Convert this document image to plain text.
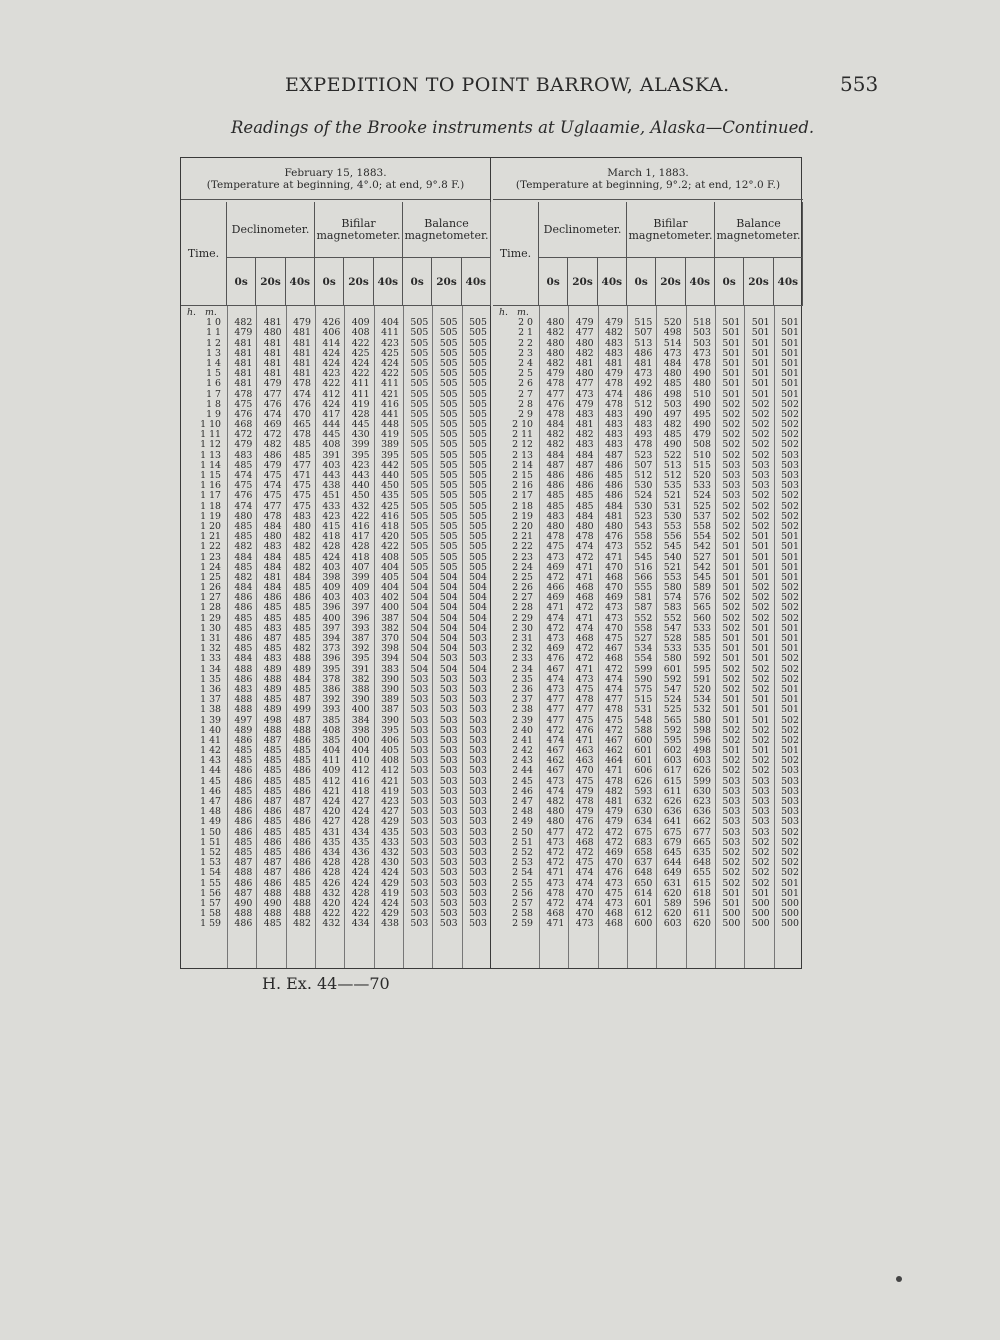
EXPEDITION TO POINT BARROW, ALASKA.	553
Readings of the Brooke instruments at Uglaamie, Alaska—Continued.
February 15, 1883.
(Temperature at beginning, 4°.0; at end, 9°.8 F.)
Time.
Declinometer.
0s	20s 40s
Bifilar magnetometer.
0s	20s 40s
Balance magnetometer.
0s	20s 40s
h. m.
1 0	482	481	479	426	409	404	505	505	505
1 1	479	480	481	406	408	411	505	505	505
1 2	481	481	481	414	422	423	505	505	505
1 3	481	481	481	424	425	425	505	505	505
1 4	481	481	481	424	424	424	505	505	505
1 5	481	481	481	423	422	422	505	505	505
1 6	481	479	478	422	411	411	505	505	505
1 7	478	477	474	412	411	421	505	505	505
1 8	475	476	476	424	419	416	505	505	505
1 9	476	474	470	417	428	441	505	505	505
1 10	468	469	465	444	445	448	505	505	505
1 11	472	472	478	445	430	419	505	505	505
1 12	479	482	485	408	399	389	505	505	505
1 13	483	486	485	391	395	395	505	505	505
1 14	485	479	477	403	423	442	505	505	505
1 15	474	475	471	443	443	440	505	505	505
1 16	475	474	475	438	440	450	505	505	505
1 17	476	475	475	451	450	435	505	505	505
1 18	474	477	475	433	432	425	505	505	505
1 19	480	478	483	423	422	416	505	505	505
1 20	485	484	480	415	416	418	505	505	505
1 21	485	480	482	418	417	420	505	505	505
1 22	482	483	482	428	428	422	505	505	505
1 23	484	484	485	424	418	408	505	505	505
1 24	485	484	482	403	407	404	505	505	505
1 25	482	481	484	398	399	405	504	504	504
1 26	484	484	485	409	409	404	504	504	504
1 27	486	486	486	403	403	402	504	504	504
1 28	486	485	485	396	397	400	504	504	504
1 29	485	485	485	400	396	387	504	504	504
1 30	485	483	485	397	393	382	504	504	504
1 31	486	487	485	394	387	370	504	504	503
1 32	485	485	482	373	392	398	504	504	503
1 33	484	483	488	396	395	394	504	503	503
1 34	488	489	489	395	391	383	504	504	504
1 35	486	488	484	378	382	390	503	503	503
1 36	483	489	485	386	388	390	503	503	503
1 37	488	485	487	392	390	389	503	503	503
1 38	488	489	499	393	400	387	503	503	503
1 39	497	498	487	385	384	390	503	503	503
1 40	489	488	488	408	398	395	503	503	503
1 41	486	487	486	385	400	406	503	503	503
1 42	485	485	485	404	404	405	503	503	503
1 43	485	485	485	411	410	408	503	503	503
1 44	486	485	486	409	412	412	503	503	503
1 45	486	485	485	412	416	421	503	503	503
1 46	485	485	486	421	418	419	503	503	503
1 47	486	487	487	424	427	423	503	503	503
1 48	486	486	487	420	424	427	503	503	503
1 49	486	485	486	427	428	429	503	503	503
1 50	486	485	485	431	434	435	503	503	503
1 51	485	486	486	435	435	433	503	503	503
1 52	485	485	486	434	436	432	503	503	503
1 53	487	487	486	428	428	430	503	503	503
1 54	488	487	486	428	424	424	503	503	503
1 55	486	486	485	426	424	429	503	503	503
1 56	487	488	488	432	428	419	503	503	503
1 57	490	490	488	420	424	424	503	503	503
1 58	488	488	488	422	422	429	503	503	503
1 59	486	485	482	432	434	438	503	503	503
March 1, 1883.
(Temperature at beginning, 9°.2; at end, 12°.0 F.)
Time.
Declinometer.
0s	20s 40s
Bifilar magnetometer.
0s	20s 40s
Balance magnetometer.
0s	20s 40s
h. m.
2 0	480	479	479	515	520	518	501	501	501
2 1	482	477	482	507	498	503	501	501	501
2 2	480	480	483	513	514	503	501	501	501
2 3	480	482	483	486	473	473	501	501	501
2 4	482	481	481	481	484	478	501	501	501
2 5	479	480	479	473	480	490	501	501	501
2 6	478	477	478	492	485	480	501	501	501
2 7	477	473	474	486	498	510	501	501	501
2 8	476	479	478	512	503	490	502	502	502
2 9	478	483	483	490	497	495	502	502	502
2 10	484	481	483	483	482	490	502	502	502
2 11	482	482	483	493	485	479	502	502	502
2 12	482	483	483	478	490	508	502	502	502
2 13	484	484	487	523	522	510	502	502	503
2 14	487	487	486	507	513	515	503	503	503
2 15	486	486	485	512	512	520	503	503	503
2 16	486	486	486	530	535	533	503	503	503
2 17	485	485	486	524	521	524	503	502	502
2 18	485	485	484	530	531	525	502	502	502
2 19	483	484	481	523	530	537	502	502	502
2 20	480	480	480	543	553	558	502	502	502
2 21	478	478	476	558	556	554	502	501	501
2 22	475	474	473	552	545	542	501	501	501
2 23	473	472	471	545	540	527	501	501	501
2 24	469	471	470	516	521	542	501	501	501
2 25	472	471	468	566	553	545	501	501	501
2 26	466	468	470	555	580	589	501	502	502
2 27	469	468	469	581	574	576	502	502	502
2 28	471	472	473	587	583	565	502	502	502
2 29	474	471	473	552	552	560	502	502	502
2 30	472	474	470	558	547	533	502	501	501
2 31	473	468	475	527	528	585	501	501	501
2 32	469	472	467	534	533	535	501	501	501
2 33	476	472	468	554	580	592	501	501	502
2 34	467	471	472	599	601	595	502	502	502
2 35	474	473	474	590	592	591	502	502	502
2 36	473	475	474	575	547	520	502	502	501
2 37	477	478	477	515	524	534	501	501	501
2 38	477	477	478	531	525	532	501	501	501
2 39	477	475	475	548	565	580	501	501	502
2 40	472	476	472	588	592	598	502	502	502
2 41	474	471	467	600	595	596	502	502	502
2 42	467	463	462	601	602	498	501	501	501
2 43	462	463	464	601	603	603	502	502	502
2 44	467	470	471	606	617	626	502	502	503
2 45	473	475	478	626	615	599	503	503	503
2 46	474	479	482	593	611	630	503	503	503
2 47	482	478	481	632	626	623	503	503	503
2 48	480	479	479	630	636	636	503	503	503
2 49	480	476	479	634	641	662	503	503	503
2 50	477	472	472	675	675	677	503	503	502
2 51	473	468	472	683	679	665	503	502	502
2 52	472	472	469	658	645	635	502	502	502
2 53	472	475	470	637	644	648	502	502	502
2 54	471	474	476	648	649	655	502	502	502
2 55	473	474	473	650	631	615	502	502	501
2 56	478	470	475	614	620	618	501	501	501
2 57	472	474	473	601	589	596	501	500	500
2 58	468	470	468	612	620	611	500	500	500
2 59	471	473	468	600	603	620	500	500	500
H. Ex. 44——70
